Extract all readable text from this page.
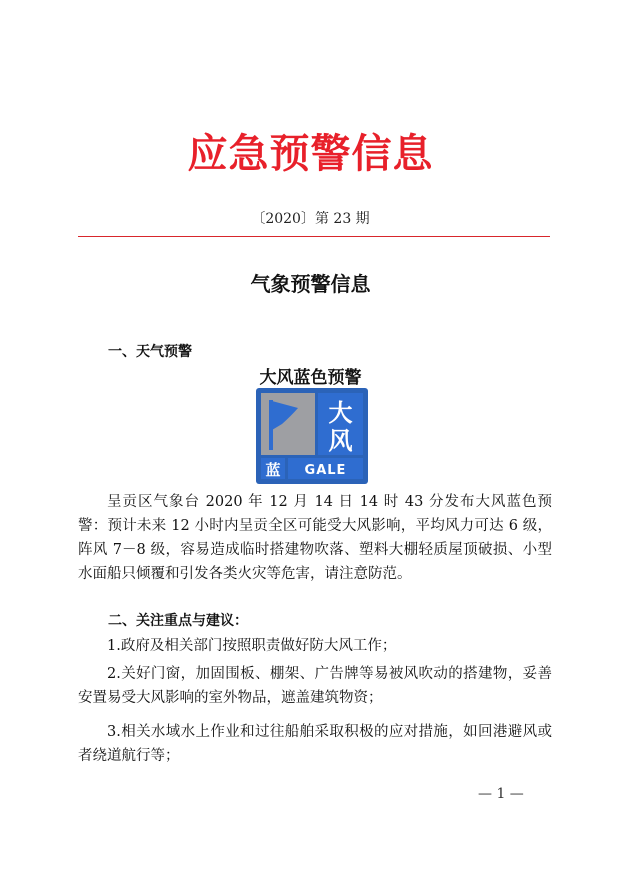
应急预警信息
〔2020〕第 23 期
气象预警信息
一、天气预警
大风蓝色预警
大
风
蓝 GALE

呈贡区气象台 2020 年 12 月 14 日 14 时 43 分发布大风蓝色预警：预计未来 12 小时内呈贡全区可能受大风影响，平均风力可达 6 级，阵风 7－8 级，容易造成临时搭建物吹落、塑料大棚轻质屋顶破损、小型水面船只倾覆和引发各类火灾等危害，请注意防范。

二、关注重点与建议：

1.政府及相关部门按照职责做好防大风工作；

2.关好门窗，加固围板、棚架、广告牌等易被风吹动的搭建物，妥善安置易受大风影响的室外物品，遮盖建筑物资；

3.相关水域水上作业和过往船舶采取积极的应对措施，如回港避风或者绕道航行等；

— 1 —
